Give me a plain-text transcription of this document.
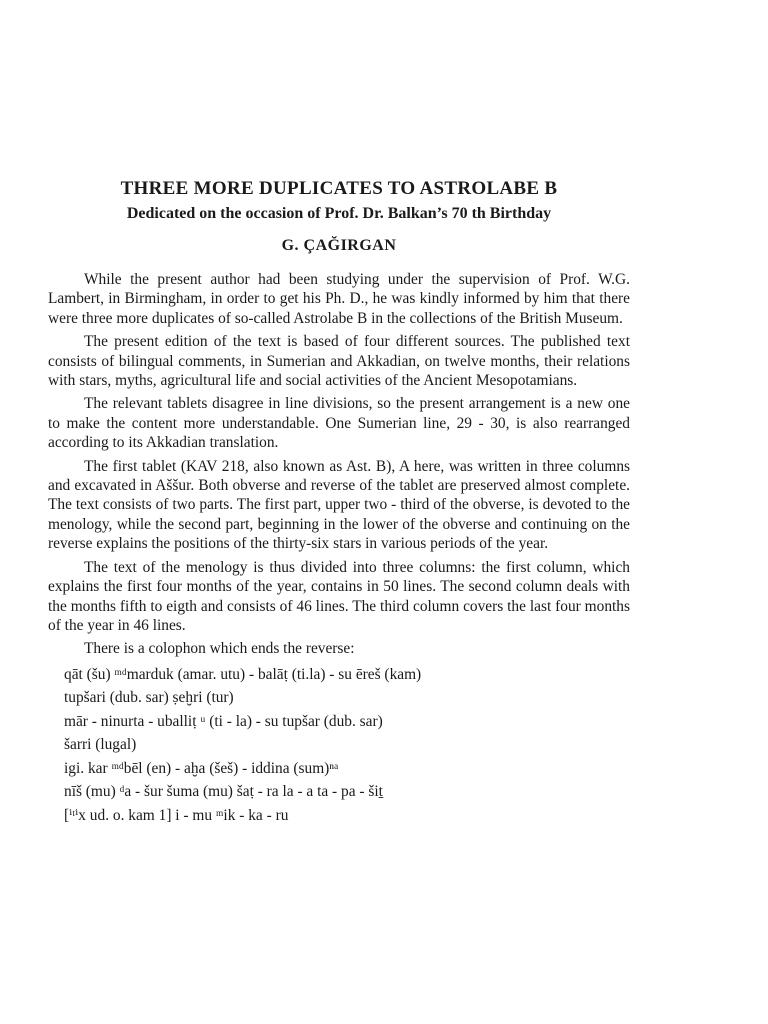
THREE MORE DUPLICATES TO ASTROLABE B
Dedicated on the occasion of Prof. Dr. Balkan’s 70 th Birthday
G. ÇAĞIRGAN

While the present author had been studying under the supervision of Prof. W.G. Lambert, in Birmingham, in order to get his Ph. D., he was kindly informed by him that there were three more duplicates of so-called Astrolabe B in the collections of the British Museum.

The present edition of the text is based of four different sources. The published text consists of bilingual comments, in Sumerian and Akkadian, on twelve months, their relations with stars, myths, agricultural life and social activities of the Ancient Mesopotamians.

The relevant tablets disagree in line divisions, so the present arrangement is a new one to make the content more understandable. One Sumerian line, 29 - 30, is also rearranged according to its Akkadian translation.

The first tablet (KAV 218, also known as Ast. B), A here, was written in three columns and excavated in Aššur. Both obverse and reverse of the tablet are preserved almost complete. The text consists of two parts. The first part, upper two - third of the obverse, is devoted to the menology, while the second part, beginning in the lower of the obverse and continuing on the reverse explains the positions of the thirty-six stars in various periods of the year.

The text of the menology is thus divided into three columns: the first column, which explains the first four months of the year, contains in 50 lines. The second column deals with the months fifth to eigth and consists of 46 lines. The third column covers the last four months of the year in 46 lines.

There is a colophon which ends the reverse:

qāt (šu) ᵐᵈmarduk (amar. utu) - balāṭ (ti.la) - su ēreš (kam)
tupšari (dub. sar) ṣeḫri (tur)
mār - ninurta - uballiṭ ᵘ (ti - la) - su tupšar (dub. sar)
šarri (lugal)
igi. kar ᵐᵈbēl (en) - aḫa (šeš) - iddina (sum)ⁿᵃ
nīš (mu) ᵈa - šur šuma (mu) šaṭ - ra la - a ta - pa - šiṯ
[ⁱᵗⁱx ud. o. kam 1] i - mu ᵐik - ka - ru
